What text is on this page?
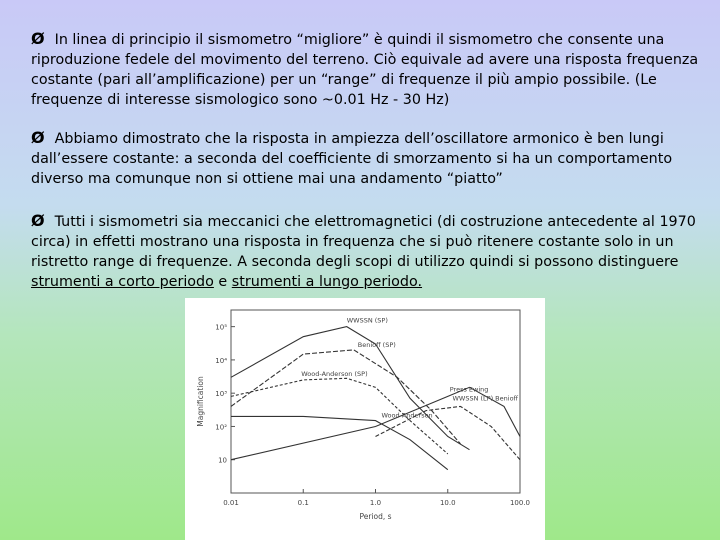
Ø In linea di principio il sismometro “migliore” è quindi il sismometro che consente una riproduzione fedele del movimento del terreno. Ciò equivale ad avere una risposta frequenza costante (pari all’amplificazione) per un “range” di frequenze il più ampio possibile. (Le frequenze di interesse sismologico sono ~0.01 Hz - 30 Hz)
Ø Abbiamo dimostrato che la risposta in ampiezza dell’oscillatore armonico è ben lungi dall’essere costante: a seconda del coefficiente di smorzamento si ha un comportamento diverso ma comunque non si ottiene mai una andamento “piatto”
Ø Tutti i sismometri sia meccanici che elettromagnetici (di costruzione antecedente al 1970 circa) in effetti mostrano una risposta in frequenza che si può ritenere costante solo in un ristretto range di frequenze. A seconda degli scopi di utilizzo quindi si possono distinguere strumenti a corto periodo e strumenti a lungo periodo.
0.01	0.1	1.0	10.0	100.0
10⁵
10⁴
10³
10²
10
Period, s
Magnification
WWSSN (SP)
Benioff (SP)
Wood-Anderson (SP)
Wood-Anderson
Press Ewing
WWSSN (LP) Benioff
